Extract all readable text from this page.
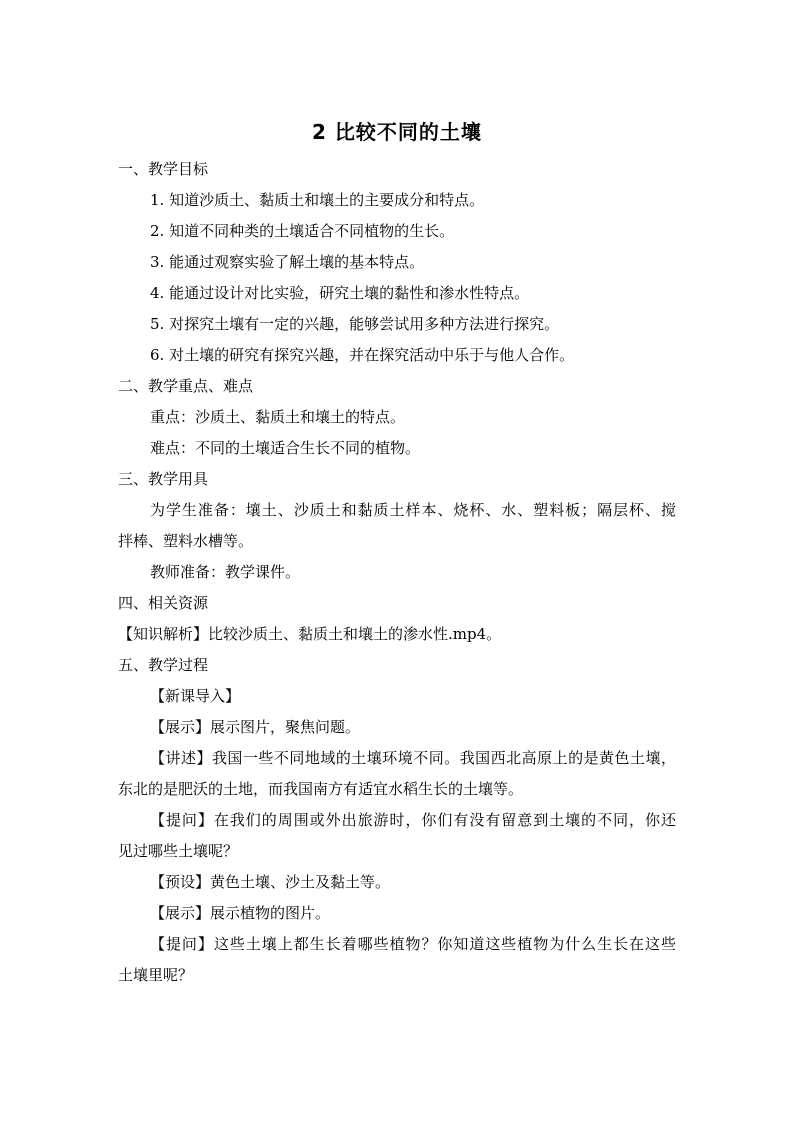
2 比较不同的土壤
一、教学目标
1. 知道沙质土、黏质土和壤土的主要成分和特点。
2. 知道不同种类的土壤适合不同植物的生长。
3. 能通过观察实验了解土壤的基本特点。
4. 能通过设计对比实验，研究土壤的黏性和渗水性特点。
5. 对探究土壤有一定的兴趣，能够尝试用多种方法进行探究。
6. 对土壤的研究有探究兴趣，并在探究活动中乐于与他人合作。
二、教学重点、难点
重点：沙质土、黏质土和壤土的特点。
难点：不同的土壤适合生长不同的植物。
三、教学用具
为学生准备：壤土、沙质土和黏质土样本、烧杯、水、塑料板；隔层杯、搅
拌棒、塑料水槽等。
教师准备：教学课件。
四、相关资源
【知识解析】比较沙质土、黏质土和壤土的渗水性.mp4。
五、教学过程
【新课导入】
【展示】展示图片，聚焦问题。
【讲述】我国一些不同地域的土壤环境不同。我国西北高原上的是黄色土壤，
东北的是肥沃的土地，而我国南方有适宜水稻生长的土壤等。
【提问】在我们的周围或外出旅游时，你们有没有留意到土壤的不同，你还
见过哪些土壤呢？
【预设】黄色土壤、沙土及黏土等。
【展示】展示植物的图片。
【提问】这些土壤上都生长着哪些植物？你知道这些植物为什么生长在这些
土壤里呢？
